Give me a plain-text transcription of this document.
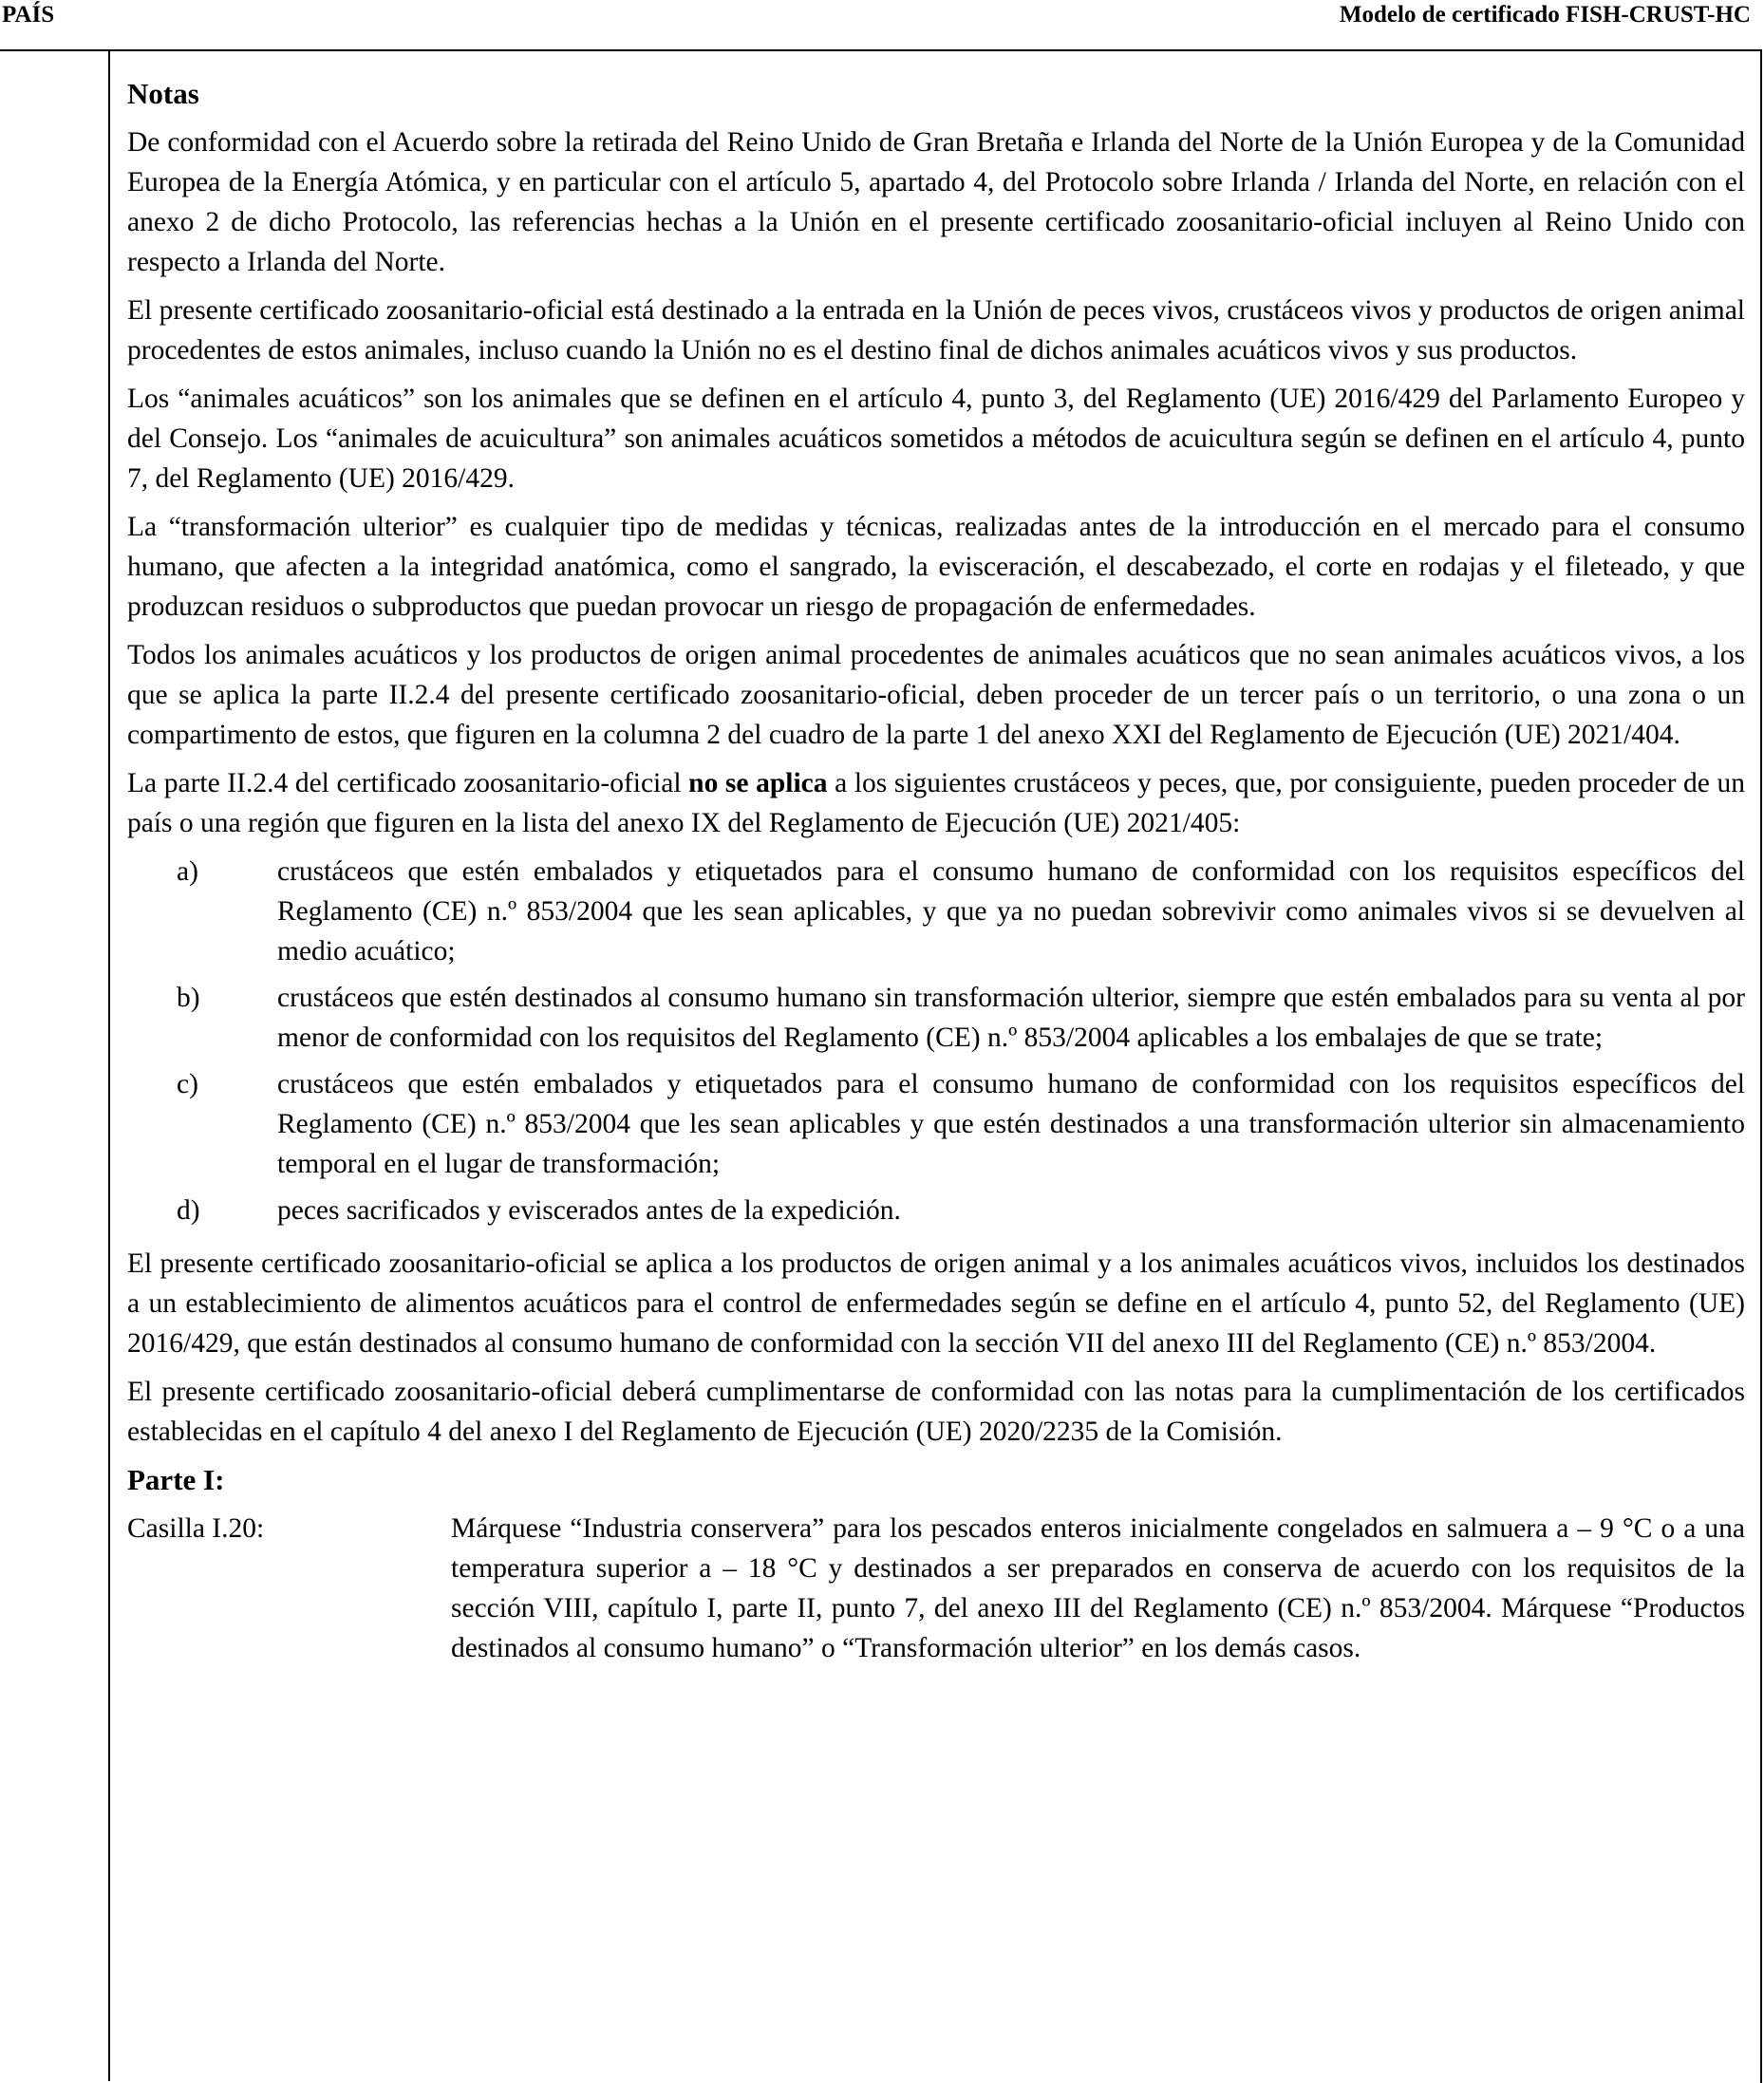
PAÍS	Modelo de certificado FISH-CRUST-HC

Notas

De conformidad con el Acuerdo sobre la retirada del Reino Unido de Gran Bretaña e Irlanda del Norte de la Unión Europea y de la Comunidad Europea de la Energía Atómica, y en particular con el artículo 5, apartado 4, del Protocolo sobre Irlanda / Irlanda del Norte, en relación con el anexo 2 de dicho Protocolo, las referencias hechas a la Unión en el presente certificado zoosanitario-oficial incluyen al Reino Unido con respecto a Irlanda del Norte.

El presente certificado zoosanitario-oficial está destinado a la entrada en la Unión de peces vivos, crustáceos vivos y productos de origen animal procedentes de estos animales, incluso cuando la Unión no es el destino final de dichos animales acuáticos vivos y sus productos.

Los “animales acuáticos” son los animales que se definen en el artículo 4, punto 3, del Reglamento (UE) 2016/429 del Parlamento Europeo y del Consejo. Los “animales de acuicultura” son animales acuáticos sometidos a métodos de acuicultura según se definen en el artículo 4, punto 7, del Reglamento (UE) 2016/429.

La “transformación ulterior” es cualquier tipo de medidas y técnicas, realizadas antes de la introducción en el mercado para el consumo humano, que afecten a la integridad anatómica, como el sangrado, la evisceración, el descabezado, el corte en rodajas y el fileteado, y que produzcan residuos o subproductos que puedan provocar un riesgo de propagación de enfermedades.

Todos los animales acuáticos y los productos de origen animal procedentes de animales acuáticos que no sean animales acuáticos vivos, a los que se aplica la parte II.2.4 del presente certificado zoosanitario-oficial, deben proceder de un tercer país o un territorio, o una zona o un compartimento de estos, que figuren en la columna 2 del cuadro de la parte 1 del anexo XXI del Reglamento de Ejecución (UE) 2021/404.

La parte II.2.4 del certificado zoosanitario-oficial no se aplica a los siguientes crustáceos y peces, que, por consiguiente, pueden proceder de un país o una región que figuren en la lista del anexo IX del Reglamento de Ejecución (UE) 2021/405:

a)	crustáceos que estén embalados y etiquetados para el consumo humano de conformidad con los requisitos específicos del Reglamento (CE) n.º 853/2004 que les sean aplicables, y que ya no puedan sobrevivir como animales vivos si se devuelven al medio acuático;
b)	crustáceos que estén destinados al consumo humano sin transformación ulterior, siempre que estén embalados para su venta al por menor de conformidad con los requisitos del Reglamento (CE) n.º 853/2004 aplicables a los embalajes de que se trate;
c)	crustáceos que estén embalados y etiquetados para el consumo humano de conformidad con los requisitos específicos del Reglamento (CE) n.º 853/2004 que les sean aplicables y que estén destinados a una transformación ulterior sin almacenamiento temporal en el lugar de transformación;
d)	peces sacrificados y eviscerados antes de la expedición.

El presente certificado zoosanitario-oficial se aplica a los productos de origen animal y a los animales acuáticos vivos, incluidos los destinados a un establecimiento de alimentos acuáticos para el control de enfermedades según se define en el artículo 4, punto 52, del Reglamento (UE) 2016/429, que están destinados al consumo humano de conformidad con la sección VII del anexo III del Reglamento (CE) n.º 853/2004.

El presente certificado zoosanitario-oficial deberá cumplimentarse de conformidad con las notas para la cumplimentación de los certificados establecidas en el capítulo 4 del anexo I del Reglamento de Ejecución (UE) 2020/2235 de la Comisión.

Parte I:

Casilla I.20:	Márquese “Industria conservera” para los pescados enteros inicialmente congelados en salmuera a – 9 °C o a una temperatura superior a – 18 °C y destinados a ser preparados en conserva de acuerdo con los requisitos de la sección VIII, capítulo I, parte II, punto 7, del anexo III del Reglamento (CE) n.º 853/2004. Márquese “Productos destinados al consumo humano” o “Transformación ulterior” en los demás casos.
